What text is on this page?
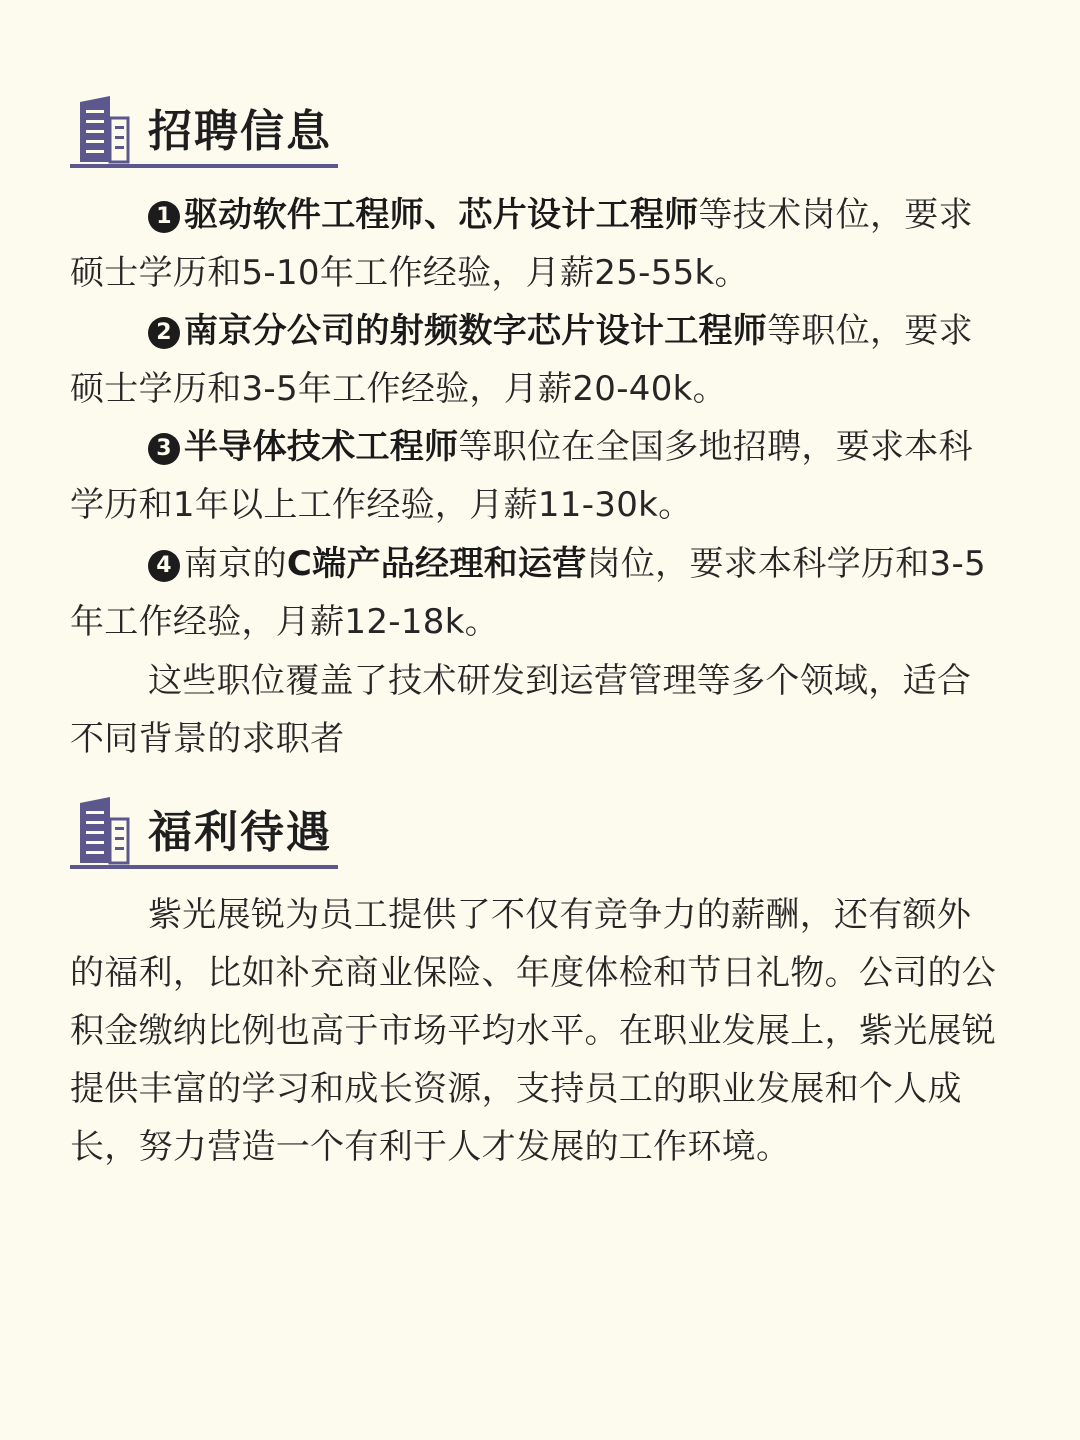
招聘信息

1 驱动软件工程师、芯片设计工程师等技术岗位，要求硕士学历和5-10年工作经验，月薪25-55k。

2 南京分公司的射频数字芯片设计工程师等职位，要求硕士学历和3-5年工作经验，月薪20-40k。

3 半导体技术工程师等职位在全国多地招聘，要求本科学历和1年以上工作经验，月薪11-30k。

4 南京的C端产品经理和运营岗位，要求本科学历和3-5年工作经验，月薪12-18k。

这些职位覆盖了技术研发到运营管理等多个领域，适合不同背景的求职者

福利待遇

紫光展锐为员工提供了不仅有竞争力的薪酬，还有额外的福利，比如补充商业保险、年度体检和节日礼物。公司的公积金缴纳比例也高于市场平均水平。在职业发展上，紫光展锐提供丰富的学习和成长资源，支持员工的职业发展和个人成长，努力营造一个有利于人才发展的工作环境。
